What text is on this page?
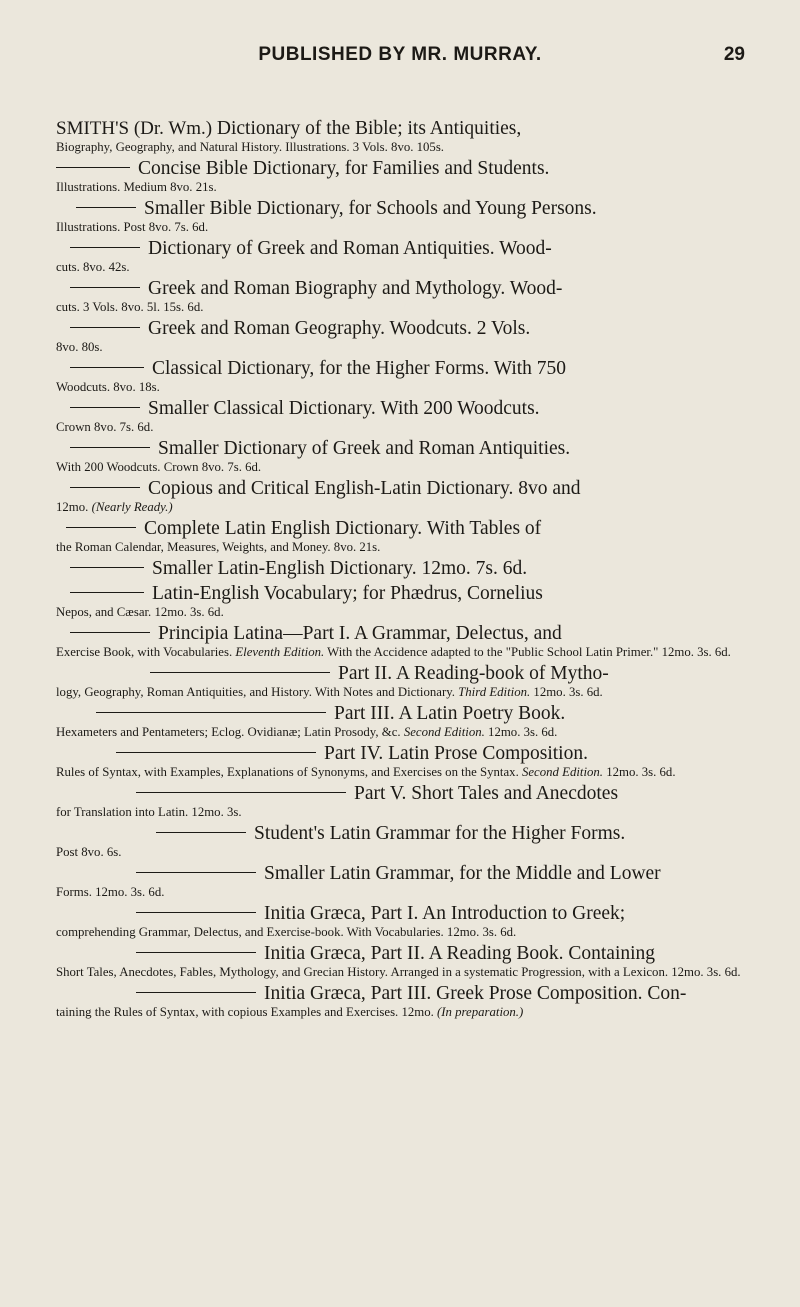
PUBLISHED BY MR. MURRAY.	29
SMITH'S (Dr. Wm.) Dictionary of the Bible; its Antiquities,
Biography, Geography, and Natural History. Illustrations. 3 Vols. 8vo. 105s.
Concise Bible Dictionary, for Families and Students.
Illustrations. Medium 8vo. 21s.
Smaller Bible Dictionary, for Schools and Young Persons.
Illustrations. Post 8vo. 7s. 6d.
Dictionary of Greek and Roman Antiquities. Wood-
cuts. 8vo. 42s.
Greek and Roman Biography and Mythology. Wood-
cuts. 3 Vols. 8vo. 5l. 15s. 6d.
Greek and Roman Geography. Woodcuts. 2 Vols.
8vo. 80s.
Classical Dictionary, for the Higher Forms. With 750
Woodcuts. 8vo. 18s.
Smaller Classical Dictionary. With 200 Woodcuts.
Crown 8vo. 7s. 6d.
Smaller Dictionary of Greek and Roman Antiquities.
With 200 Woodcuts. Crown 8vo. 7s. 6d.
Copious and Critical English-Latin Dictionary. 8vo and
12mo. (Nearly Ready.)
Complete Latin English Dictionary. With Tables of
the Roman Calendar, Measures, Weights, and Money. 8vo. 21s.
Smaller Latin-English Dictionary. 12mo. 7s. 6d.
Latin-English Vocabulary; for Phædrus, Cornelius
Nepos, and Cæsar. 12mo. 3s. 6d.
Principia Latina—Part I. A Grammar, Delectus, and
Exercise Book, with Vocabularies. Eleventh Edition. With the Accidence adapted to the "Public School Latin Primer." 12mo. 3s. 6d.
Part II. A Reading-book of Mytho-
logy, Geography, Roman Antiquities, and History. With Notes and Dictionary. Third Edition. 12mo. 3s. 6d.
Part III. A Latin Poetry Book.
Hexameters and Pentameters; Eclog. Ovidianæ; Latin Prosody, &c. Second Edition. 12mo. 3s. 6d.
Part IV. Latin Prose Composition.
Rules of Syntax, with Examples, Explanations of Synonyms, and Exercises on the Syntax. Second Edition. 12mo. 3s. 6d.
Part V. Short Tales and Anecdotes
for Translation into Latin. 12mo. 3s.
Student's Latin Grammar for the Higher Forms.
Post 8vo. 6s.
Smaller Latin Grammar, for the Middle and Lower
Forms. 12mo. 3s. 6d.
Initia Græca, Part I. An Introduction to Greek;
comprehending Grammar, Delectus, and Exercise-book. With Vocabularies. 12mo. 3s. 6d.
Initia Græca, Part II. A Reading Book. Containing
Short Tales, Anecdotes, Fables, Mythology, and Grecian History. Arranged in a systematic Progression, with a Lexicon. 12mo. 3s. 6d.
Initia Græca, Part III. Greek Prose Composition. Con-
taining the Rules of Syntax, with copious Examples and Exercises. 12mo. (In preparation.)
